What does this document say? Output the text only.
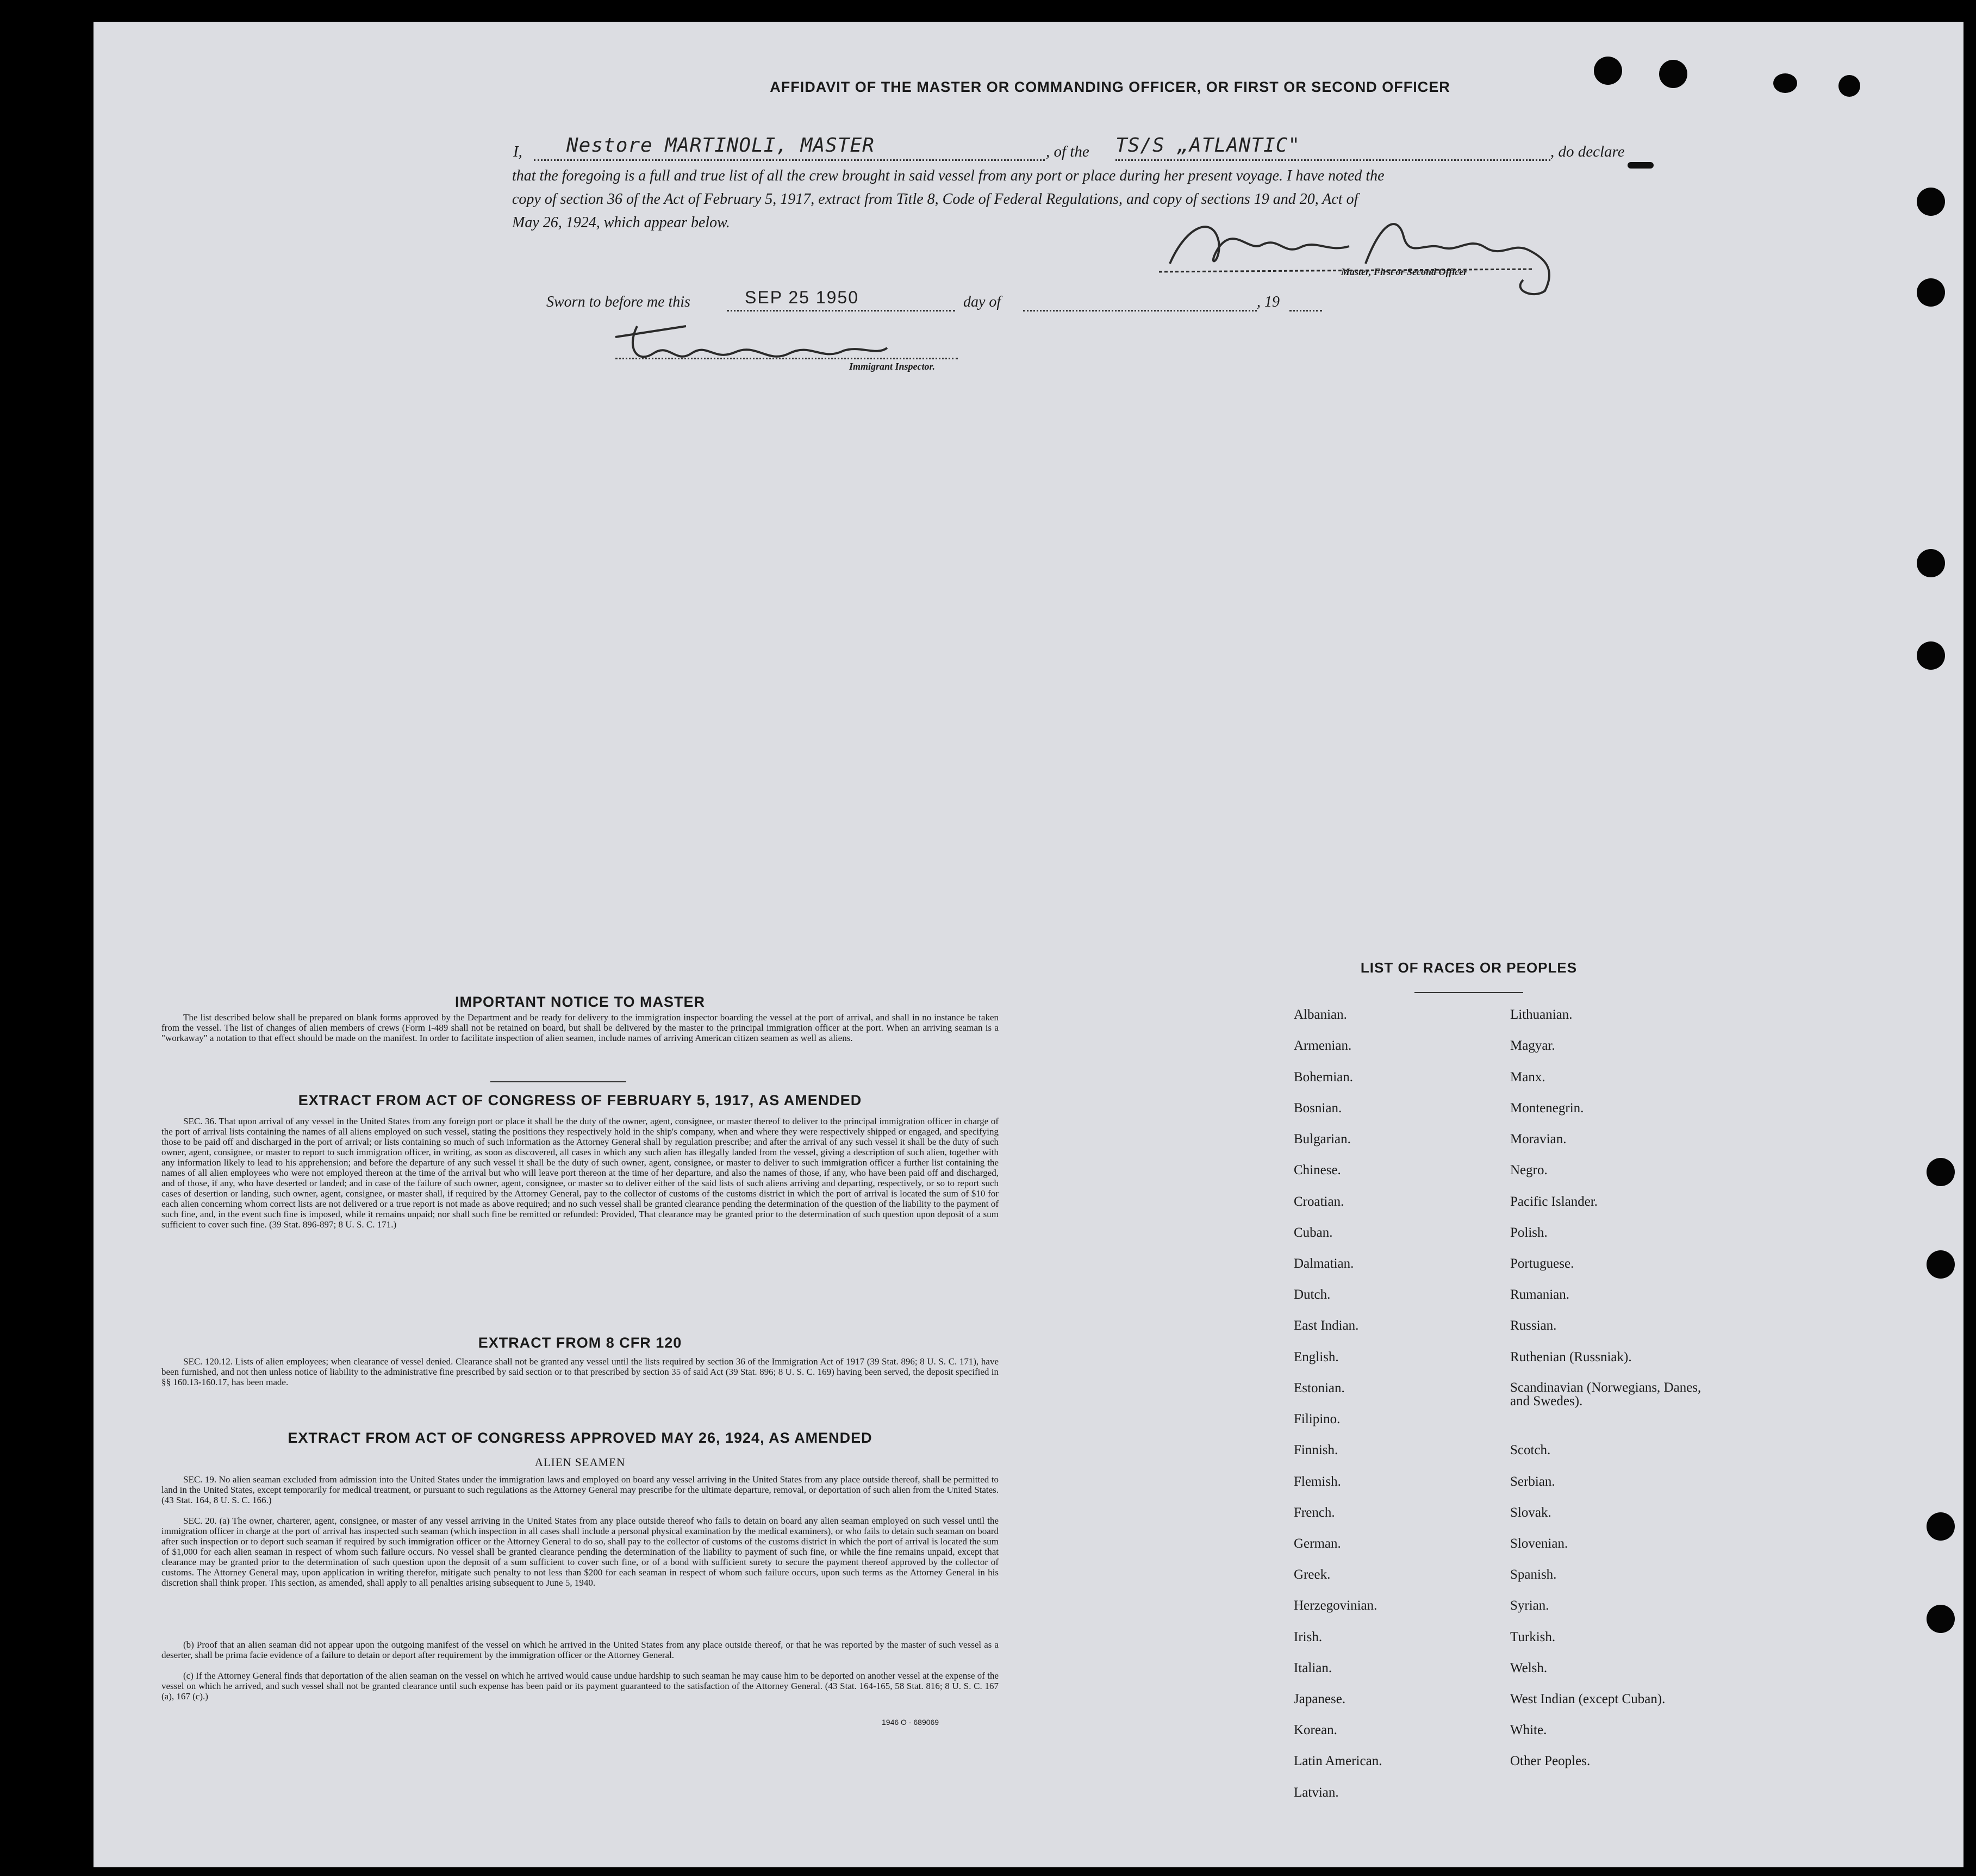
AFFIDAVIT OF THE MASTER OR COMMANDING OFFICER, OR FIRST OR SECOND OFFICER
I, Nestore MARTINOLI, MASTER	, of the TS/S „ATLANTIC"	, do declare
that the foregoing is a full and true list of all the crew brought in said vessel from any port or place during her present voyage. I have noted the
copy of section 36 of the Act of February 5, 1917, extract from Title 8, Code of Federal Regulations, and copy of sections 19 and 20, Act of
May 26, 1924, which appear below.
Master, First or Second Officer
Sworn to before me this	SEP 25 1950	day of	, 19
Immigrant Inspector.
IMPORTANT NOTICE TO MASTER
The list described below shall be prepared on blank forms approved by the Department and be ready for delivery to the immigration inspector boarding the vessel at the port of arrival, and shall in no instance be taken from the vessel. The list of changes of alien members of crews (Form I-489 shall not be retained on board, but shall be delivered by the master to the principal immigration officer at the port. When an arriving seaman is a "workaway" a notation to that effect should be made on the manifest. In order to facilitate inspection of alien seamen, include names of arriving American citizen seamen as well as aliens.
EXTRACT FROM ACT OF CONGRESS OF FEBRUARY 5, 1917, AS AMENDED
SEC. 36. That upon arrival of any vessel in the United States from any foreign port or place it shall be the duty of the owner, agent, consignee, or master thereof to deliver to the principal immigration officer in charge of the port of arrival lists containing the names of all aliens employed on such vessel, stating the positions they respectively hold in the ship's company, when and where they were respectively shipped or engaged, and specifying those to be paid off and discharged in the port of arrival; or lists containing so much of such information as the Attorney General shall by regulation prescribe; and after the arrival of any such vessel it shall be the duty of such owner, agent, consignee, or master to report to such immigration officer, in writing, as soon as discovered, all cases in which any such alien has illegally landed from the vessel, giving a description of such alien, together with any information likely to lead to his apprehension; and before the departure of any such vessel it shall be the duty of such owner, agent, consignee, or master to deliver to such immigration officer a further list containing the names of all alien employees who were not employed thereon at the time of the arrival but who will leave port thereon at the time of her departure, and also the names of those, if any, who have been paid off and discharged, and of those, if any, who have deserted or landed; and in case of the failure of such owner, agent, consignee, or master so to deliver either of the said lists of such aliens arriving and departing, respectively, or so to report such cases of desertion or landing, such owner, agent, consignee, or master shall, if required by the Attorney General, pay to the collector of customs of the customs district in which the port of arrival is located the sum of $10 for each alien concerning whom correct lists are not delivered or a true report is not made as above required; and no such vessel shall be granted clearance pending the determination of the question of the liability to the payment of such fine, and, in the event such fine is imposed, while it remains unpaid; nor shall such fine be remitted or refunded: Provided, That clearance may be granted prior to the determination of such question upon deposit of a sum sufficient to cover such fine. (39 Stat. 896-897; 8 U. S. C. 171.)
EXTRACT FROM 8 CFR 120
SEC. 120.12. Lists of alien employees; when clearance of vessel denied. Clearance shall not be granted any vessel until the lists required by section 36 of the Immigration Act of 1917 (39 Stat. 896; 8 U. S. C. 171), have been furnished, and not then unless notice of liability to the administrative fine prescribed by said section or to that prescribed by section 35 of said Act (39 Stat. 896; 8 U. S. C. 169) having been served, the deposit specified in §§ 160.13-160.17, has been made.
EXTRACT FROM ACT OF CONGRESS APPROVED MAY 26, 1924, AS AMENDED
ALIEN SEAMEN
SEC. 19. No alien seaman excluded from admission into the United States under the immigration laws and employed on board any vessel arriving in the United States from any place outside thereof, shall be permitted to land in the United States, except temporarily for medical treatment, or pursuant to such regulations as the Attorney General may prescribe for the ultimate departure, removal, or deportation of such alien from the United States. (43 Stat. 164, 8 U. S. C. 166.)
SEC. 20. (a) The owner, charterer, agent, consignee, or master of any vessel arriving in the United States from any place outside thereof who fails to detain on board any alien seaman employed on such vessel until the immigration officer in charge at the port of arrival has inspected such seaman (which inspection in all cases shall include a personal physical examination by the medical examiners), or who fails to detain such seaman on board after such inspection or to deport such seaman if required by such immigration officer or the Attorney General to do so, shall pay to the collector of customs of the customs district in which the port of arrival is located the sum of $1,000 for each alien seaman in respect of whom such failure occurs. No vessel shall be granted clearance pending the determination of the liability to payment of such fine, or while the fine remains unpaid, except that clearance may be granted prior to the determination of such question upon the deposit of a sum sufficient to cover such fine, or of a bond with sufficient surety to secure the payment thereof approved by the collector of customs. The Attorney General may, upon application in writing therefor, mitigate such penalty to not less than $200 for each seaman in respect of whom such failure occurs, upon such terms as the Attorney General in his discretion shall think proper. This section, as amended, shall apply to all penalties arising subsequent to June 5, 1940.
(b) Proof that an alien seaman did not appear upon the outgoing manifest of the vessel on which he arrived in the United States from any place outside thereof, or that he was reported by the master of such vessel as a deserter, shall be prima facie evidence of a failure to detain or deport after requirement by the immigration officer or the Attorney General.
(c) If the Attorney General finds that deportation of the alien seaman on the vessel on which he arrived would cause undue hardship to such seaman he may cause him to be deported on another vessel at the expense of the vessel on which he arrived, and such vessel shall not be granted clearance until such expense has been paid or its payment guaranteed to the satisfaction of the Attorney General. (43 Stat. 164-165, 58 Stat. 816; 8 U. S. C. 167 (a), 167 (c).)
1946 O - 689069
LIST OF RACES OR PEOPLES
Albanian.
Armenian.
Bohemian.
Bosnian.
Bulgarian.
Chinese.
Croatian.
Cuban.
Dalmatian.
Dutch.
East Indian.
English.
Estonian.
Filipino.
Finnish.
Flemish.
French.
German.
Greek.
Herzegovinian.
Irish.
Italian.
Japanese.
Korean.
Latin American.
Latvian.
Lithuanian.
Magyar.
Manx.
Montenegrin.
Moravian.
Negro.
Pacific Islander.
Polish.
Portuguese.
Rumanian.
Russian.
Ruthenian (Russniak).
Scandinavian (Norwegians, Danes, and Swedes).
Scotch.
Serbian.
Slovak.
Slovenian.
Spanish.
Syrian.
Turkish.
Welsh.
West Indian (except Cuban).
White.
Other Peoples.
